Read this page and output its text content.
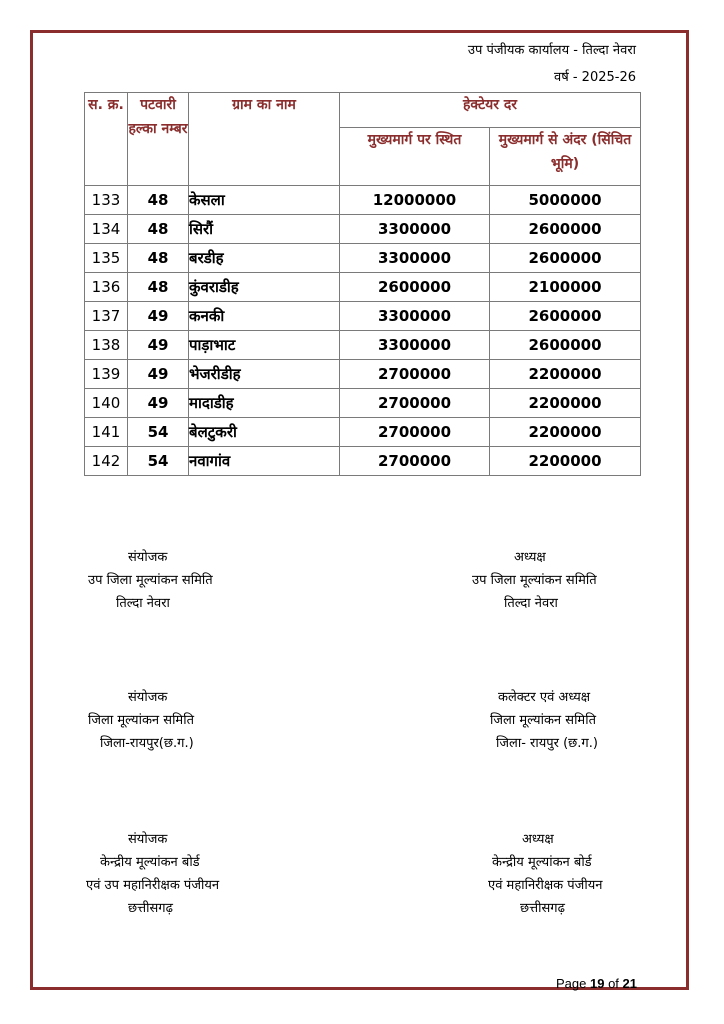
उप पंजीयक कार्यालय - तिल्दा नेवरा
वर्ष - 2025-26
स. क्र.	पटवारी हल्का नम्बर	ग्राम का नाम	हेक्टेयर दर	
			मुख्यमार्ग पर स्थित	मुख्यमार्ग से अंदर (सिंचित भूमि)
133	48	केसला	12000000	5000000
134	48	सिरौं	3300000	2600000
135	48	बरडीह	3300000	2600000
136	48	कुंवराडीह	2600000	2100000
137	49	कनकी	3300000	2600000
138	49	पाड़ाभाट	3300000	2600000
139	49	भेजरीडीह	2700000	2200000
140	49	मादाडीह	2700000	2200000
141	54	बेलटुकरी	2700000	2200000
142	54	नवागांव	2700000	2200000
संयोजक
उप जिला मूल्यांकन समिति
तिल्दा नेवरा
अध्यक्ष
उप जिला मूल्यांकन समिति
तिल्दा नेवरा
संयोजक
जिला मूल्यांकन समिति
जिला-रायपुर(छ.ग.)
कलेक्टर एवं अध्यक्ष
जिला मूल्यांकन समिति
जिला- रायपुर (छ.ग.)
संयोजक
केन्द्रीय मूल्यांकन बोर्ड
एवं उप महानिरीक्षक पंजीयन
छत्तीसगढ़
अध्यक्ष
केन्द्रीय मूल्यांकन बोर्ड
एवं महानिरीक्षक पंजीयन
छत्तीसगढ़
Page 19 of 21
